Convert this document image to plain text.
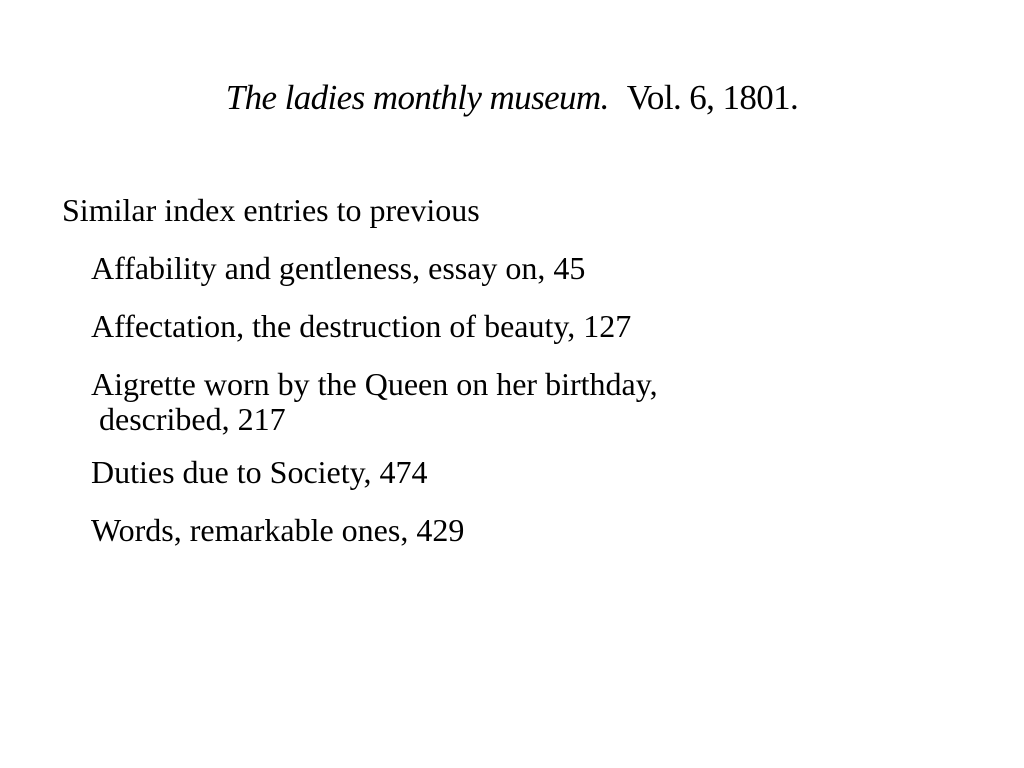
The ladies monthly museum. Vol. 6, 1801.
Similar index entries to previous
Affability and gentleness, essay on, 45
Affectation, the destruction of beauty, 127
Aigrette worn by the Queen on her birthday,
described, 217
Duties due to Society, 474
Words, remarkable ones, 429
